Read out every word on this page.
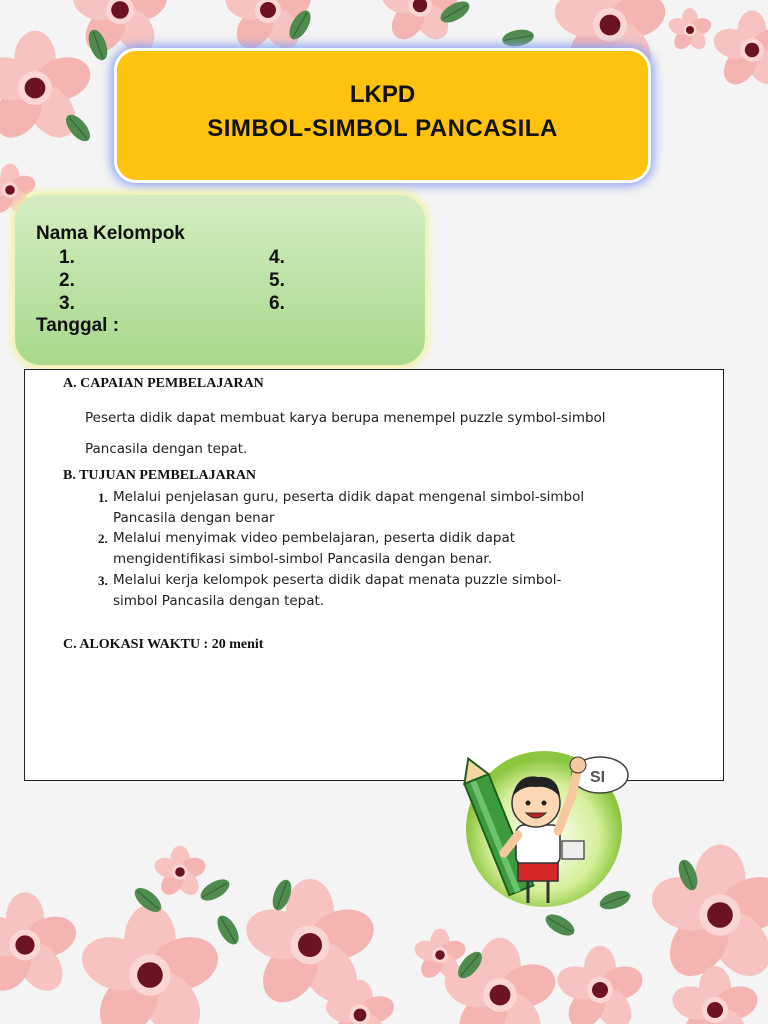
LKPD
SIMBOL-SIMBOL PANCASILA
Nama Kelompok
1.
2.
3.
4.
5.
6.
Tanggal :
A. CAPAIAN PEMBELAJARAN
Peserta didik dapat membuat karya berupa menempel puzzle symbol-simbol
Pancasila dengan tepat.
B. TUJUAN PEMBELAJARAN
1. Melalui penjelasan guru, peserta didik dapat mengenal simbol-simbol
Pancasila dengan benar
2. Melalui menyimak video pembelajaran, peserta didik dapat
mengidentifikasi simbol-simbol Pancasila dengan benar.
3. Melalui kerja kelompok peserta didik dapat menata puzzle simbol-
simbol Pancasila dengan tepat.
C. ALOKASI WAKTU : 20 menit
SI
